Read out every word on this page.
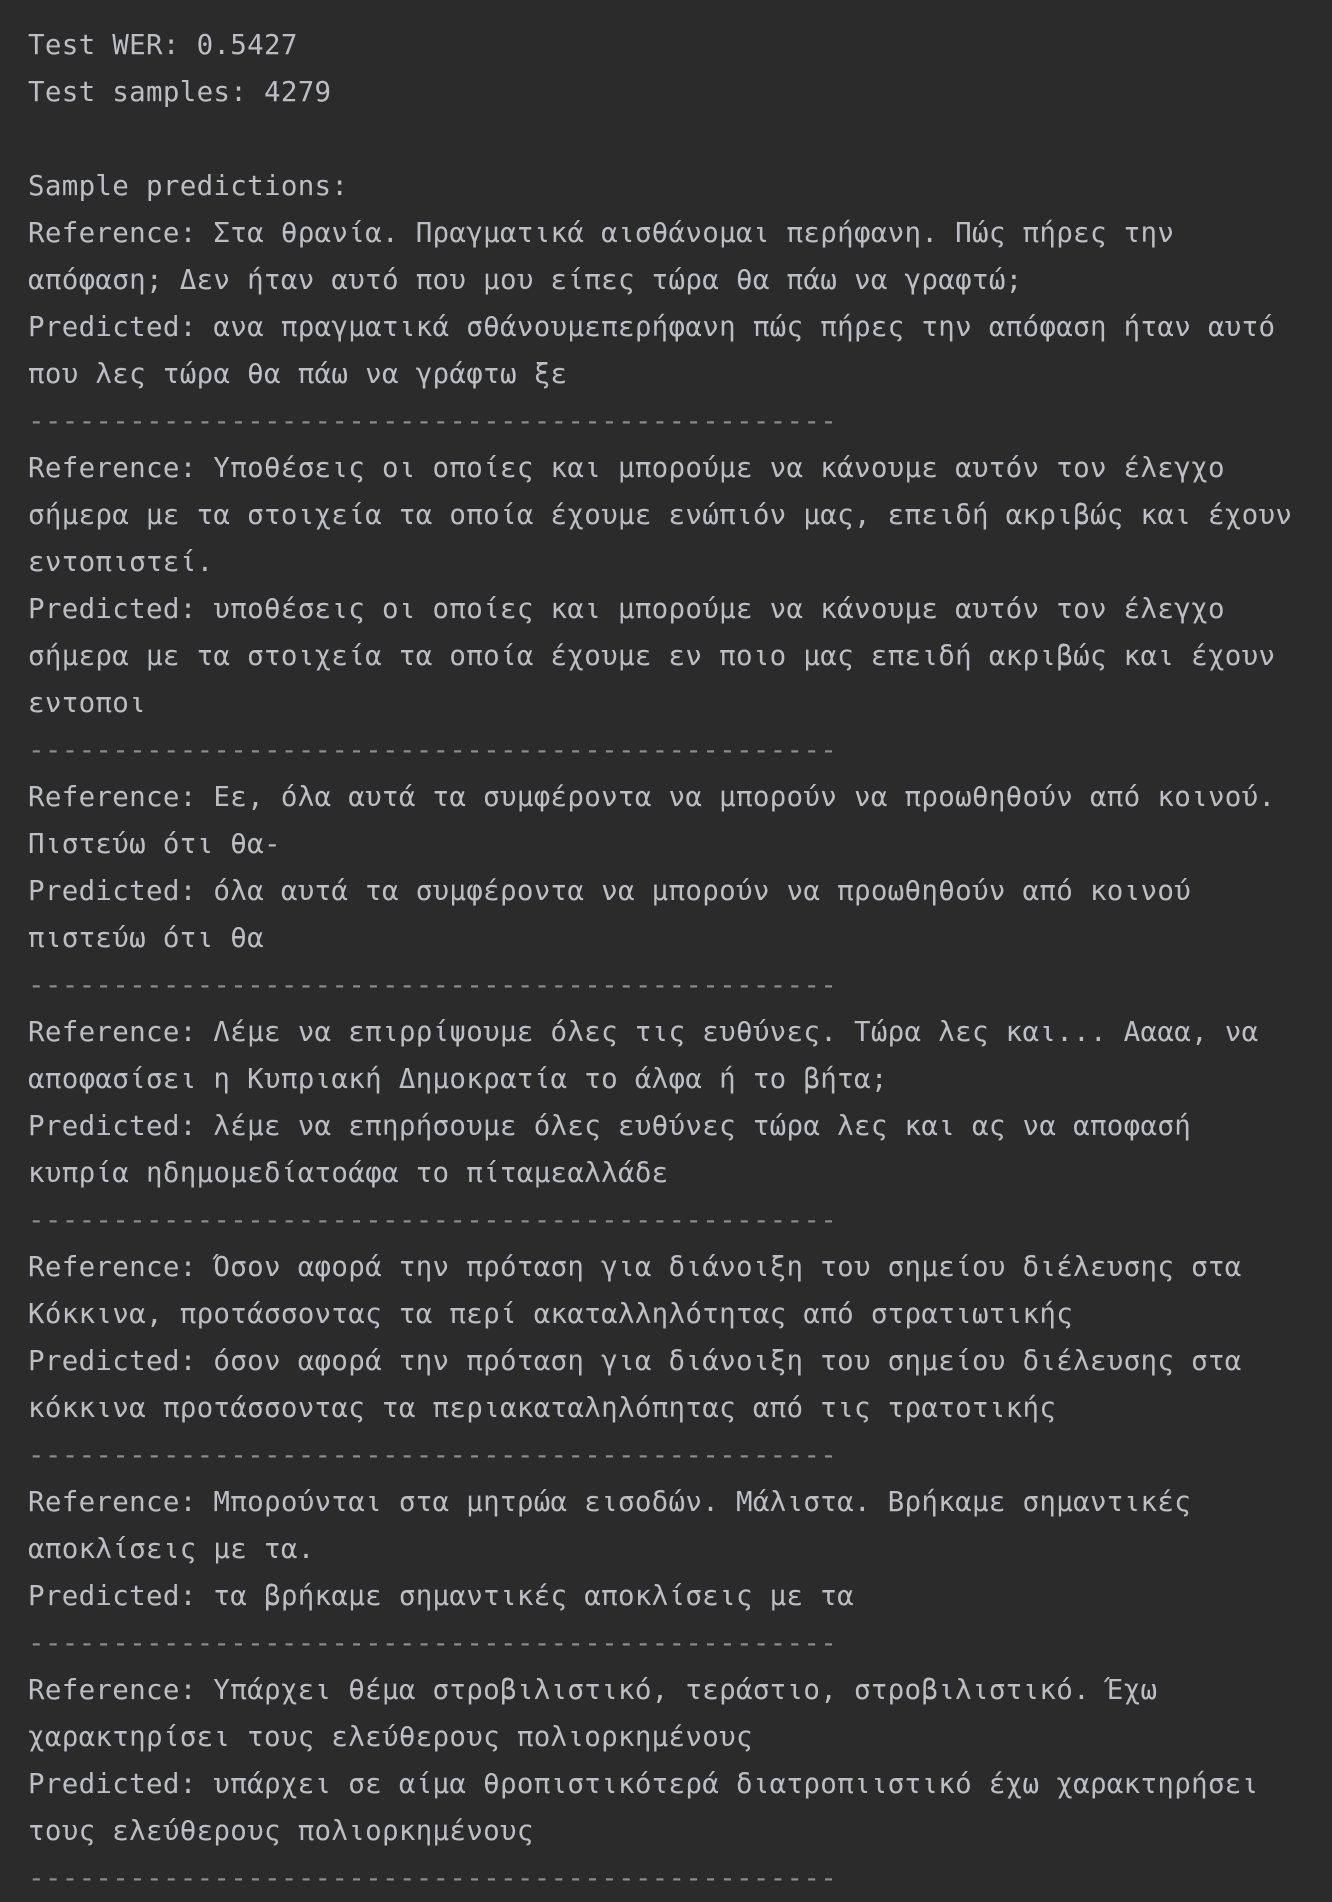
Test WER: 0.5427
Test samples: 4279
Sample predictions:
Reference: Στα θρανία. Πραγματικά αισθάνομαι περήφανη. Πώς πήρες την απόφαση; Δεν ήταν αυτό που μου είπες τώρα θα πάω να γραφτώ;
Predicted: ανα πραγματικά σθάνουμεπερήφανη πώς πήρες την απόφαση ήταν αυτό που λες τώρα θα πάω να γράφτω ξε
------------------------------------------------
Reference: Υποθέσεις οι οποίες και μπορούμε να κάνουμε αυτόν τον έλεγχο σήμερα με τα στοιχεία τα οποία έχουμε ενώπιόν μας, επειδή ακριβώς και έχουν εντοπιστεί.
Predicted: υποθέσεις οι οποίες και μπορούμε να κάνουμε αυτόν τον έλεγχο σήμερα με τα στοιχεία τα οποία έχουμε εν ποιο μας επειδή ακριβώς και έχουν εντοποι
------------------------------------------------
Reference: Εε, όλα αυτά τα συμφέροντα να μπορούν να προωθηθούν από κοινού. Πιστεύω ότι θα-
Predicted: όλα αυτά τα συμφέροντα να μπορούν να προωθηθούν από κοινού πιστεύω ότι θα
------------------------------------------------
Reference: Λέμε να επιρρίψουμε όλες τις ευθύνες. Τώρα λες και... Αααα, να αποφασίσει η Κυπριακή Δημοκρατία το άλφα ή το βήτα;
Predicted: λέμε να επηρήσουμε όλες ευθύνες τώρα λες και ας να αποφασή κυπρία ηδημομεδίατοάφα το πίταμεαλλάδε
------------------------------------------------
Reference: Όσον αφορά την πρόταση για διάνοιξη του σημείου διέλευσης στα Κόκκινα, προτάσσοντας τα περί ακαταλληλότητας από στρατιωτικής
Predicted: όσον αφορά την πρόταση για διάνοιξη του σημείου διέλευσης στα κόκκινα προτάσσοντας τα περιακαταληλόπητας από τις τρατοτικής
------------------------------------------------
Reference: Μπορούνται στα μητρώα εισοδών. Μάλιστα. Βρήκαμε σημαντικές αποκλίσεις με τα.
Predicted: τα βρήκαμε σημαντικές αποκλίσεις με τα
------------------------------------------------
Reference: Υπάρχει θέμα στροβιλιστικό, τεράστιο, στροβιλιστικό. Έχω χαρακτηρίσει τους ελεύθερους πολιορκημένους
Predicted: υπάρχει σε αίμα θροπιστικότερά διατροπιιστικό έχω χαρακτηρήσει τους ελεύθερους πολιορκημένους
------------------------------------------------
